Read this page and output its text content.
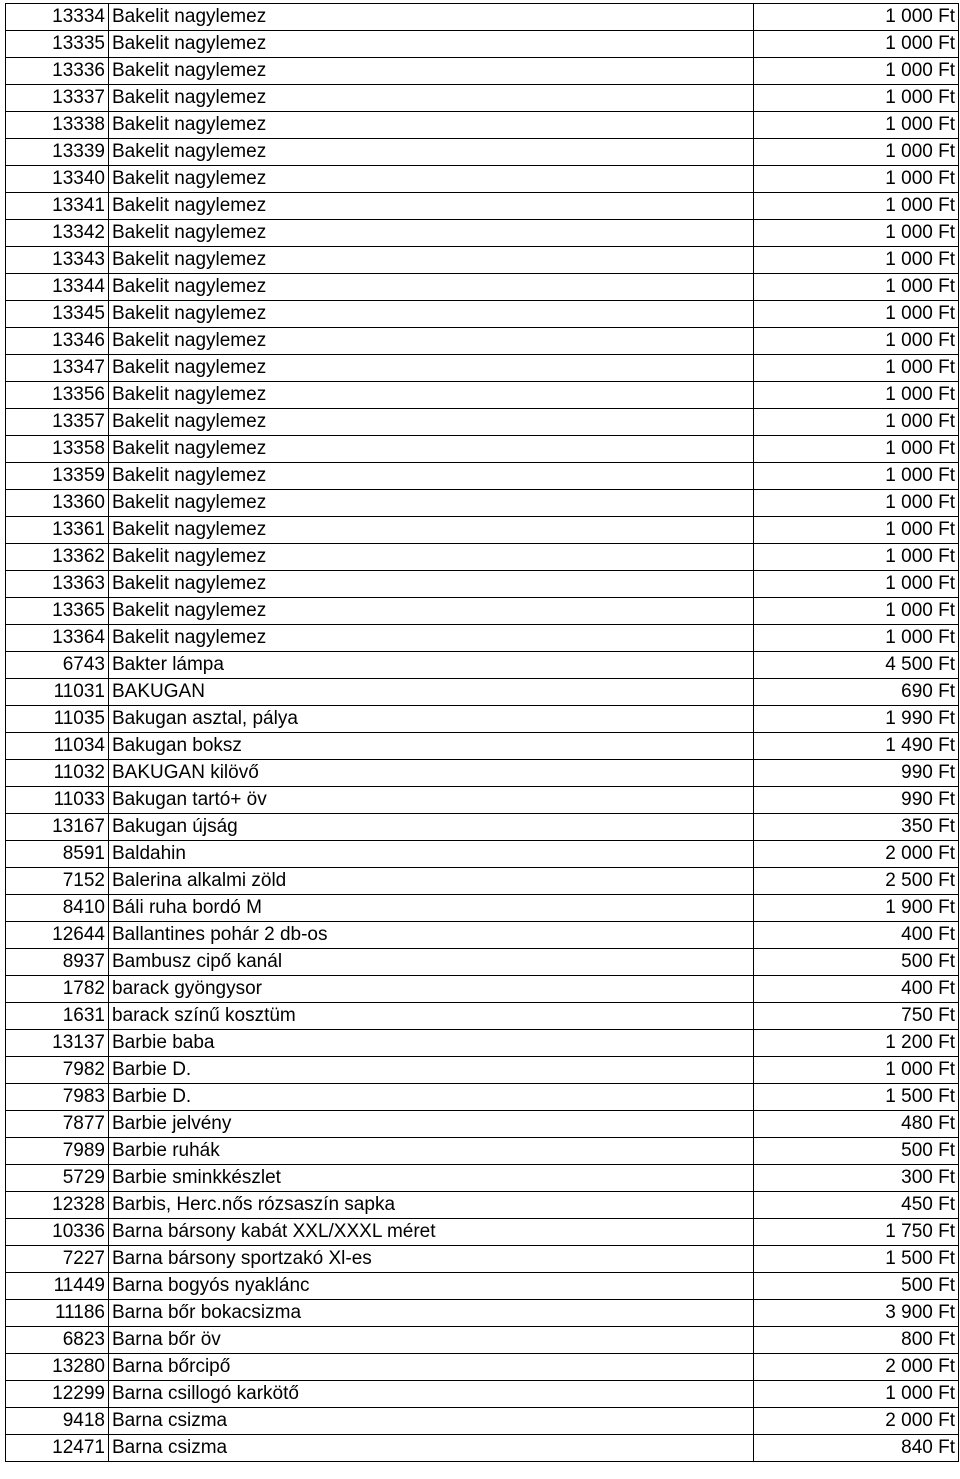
13334	Bakelit nagylemez	1 000 Ft
13335	Bakelit nagylemez	1 000 Ft
13336	Bakelit nagylemez	1 000 Ft
13337	Bakelit nagylemez	1 000 Ft
13338	Bakelit nagylemez	1 000 Ft
13339	Bakelit nagylemez	1 000 Ft
13340	Bakelit nagylemez	1 000 Ft
13341	Bakelit nagylemez	1 000 Ft
13342	Bakelit nagylemez	1 000 Ft
13343	Bakelit nagylemez	1 000 Ft
13344	Bakelit nagylemez	1 000 Ft
13345	Bakelit nagylemez	1 000 Ft
13346	Bakelit nagylemez	1 000 Ft
13347	Bakelit nagylemez	1 000 Ft
13356	Bakelit nagylemez	1 000 Ft
13357	Bakelit nagylemez	1 000 Ft
13358	Bakelit nagylemez	1 000 Ft
13359	Bakelit nagylemez	1 000 Ft
13360	Bakelit nagylemez	1 000 Ft
13361	Bakelit nagylemez	1 000 Ft
13362	Bakelit nagylemez	1 000 Ft
13363	Bakelit nagylemez	1 000 Ft
13365	Bakelit nagylemez	1 000 Ft
13364	Bakelit nagylemez	1 000 Ft
6743	Bakter lámpa	4 500 Ft
11031	BAKUGAN	690 Ft
11035	Bakugan asztal, pálya	1 990 Ft
11034	Bakugan boksz	1 490 Ft
11032	BAKUGAN kilövő	990 Ft
11033	Bakugan tartó+ öv	990 Ft
13167	Bakugan újság	350 Ft
8591	Baldahin	2 000 Ft
7152	Balerina alkalmi zöld	2 500 Ft
8410	Báli ruha bordó M	1 900 Ft
12644	Ballantines pohár 2 db-os	400 Ft
8937	Bambusz cipő kanál	500 Ft
1782	barack gyöngysor	400 Ft
1631	barack színű kosztüm	750 Ft
13137	Barbie baba	1 200 Ft
7982	Barbie D.	1 000 Ft
7983	Barbie D.	1 500 Ft
7877	Barbie jelvény	480 Ft
7989	Barbie ruhák	500 Ft
5729	Barbie sminkkészlet	300 Ft
12328	Barbis, Herc.nős rózsaszín sapka	450 Ft
10336	Barna bársony kabát XXL/XXXL méret	1 750 Ft
7227	Barna bársony sportzakó Xl-es	1 500 Ft
11449	Barna bogyós nyaklánc	500 Ft
11186	Barna bőr bokacsizma	3 900 Ft
6823	Barna bőr öv	800 Ft
13280	Barna bőrcipő	2 000 Ft
12299	Barna csillogó karkötő	1 000 Ft
9418	Barna csizma	2 000 Ft
12471	Barna csizma	840 Ft
